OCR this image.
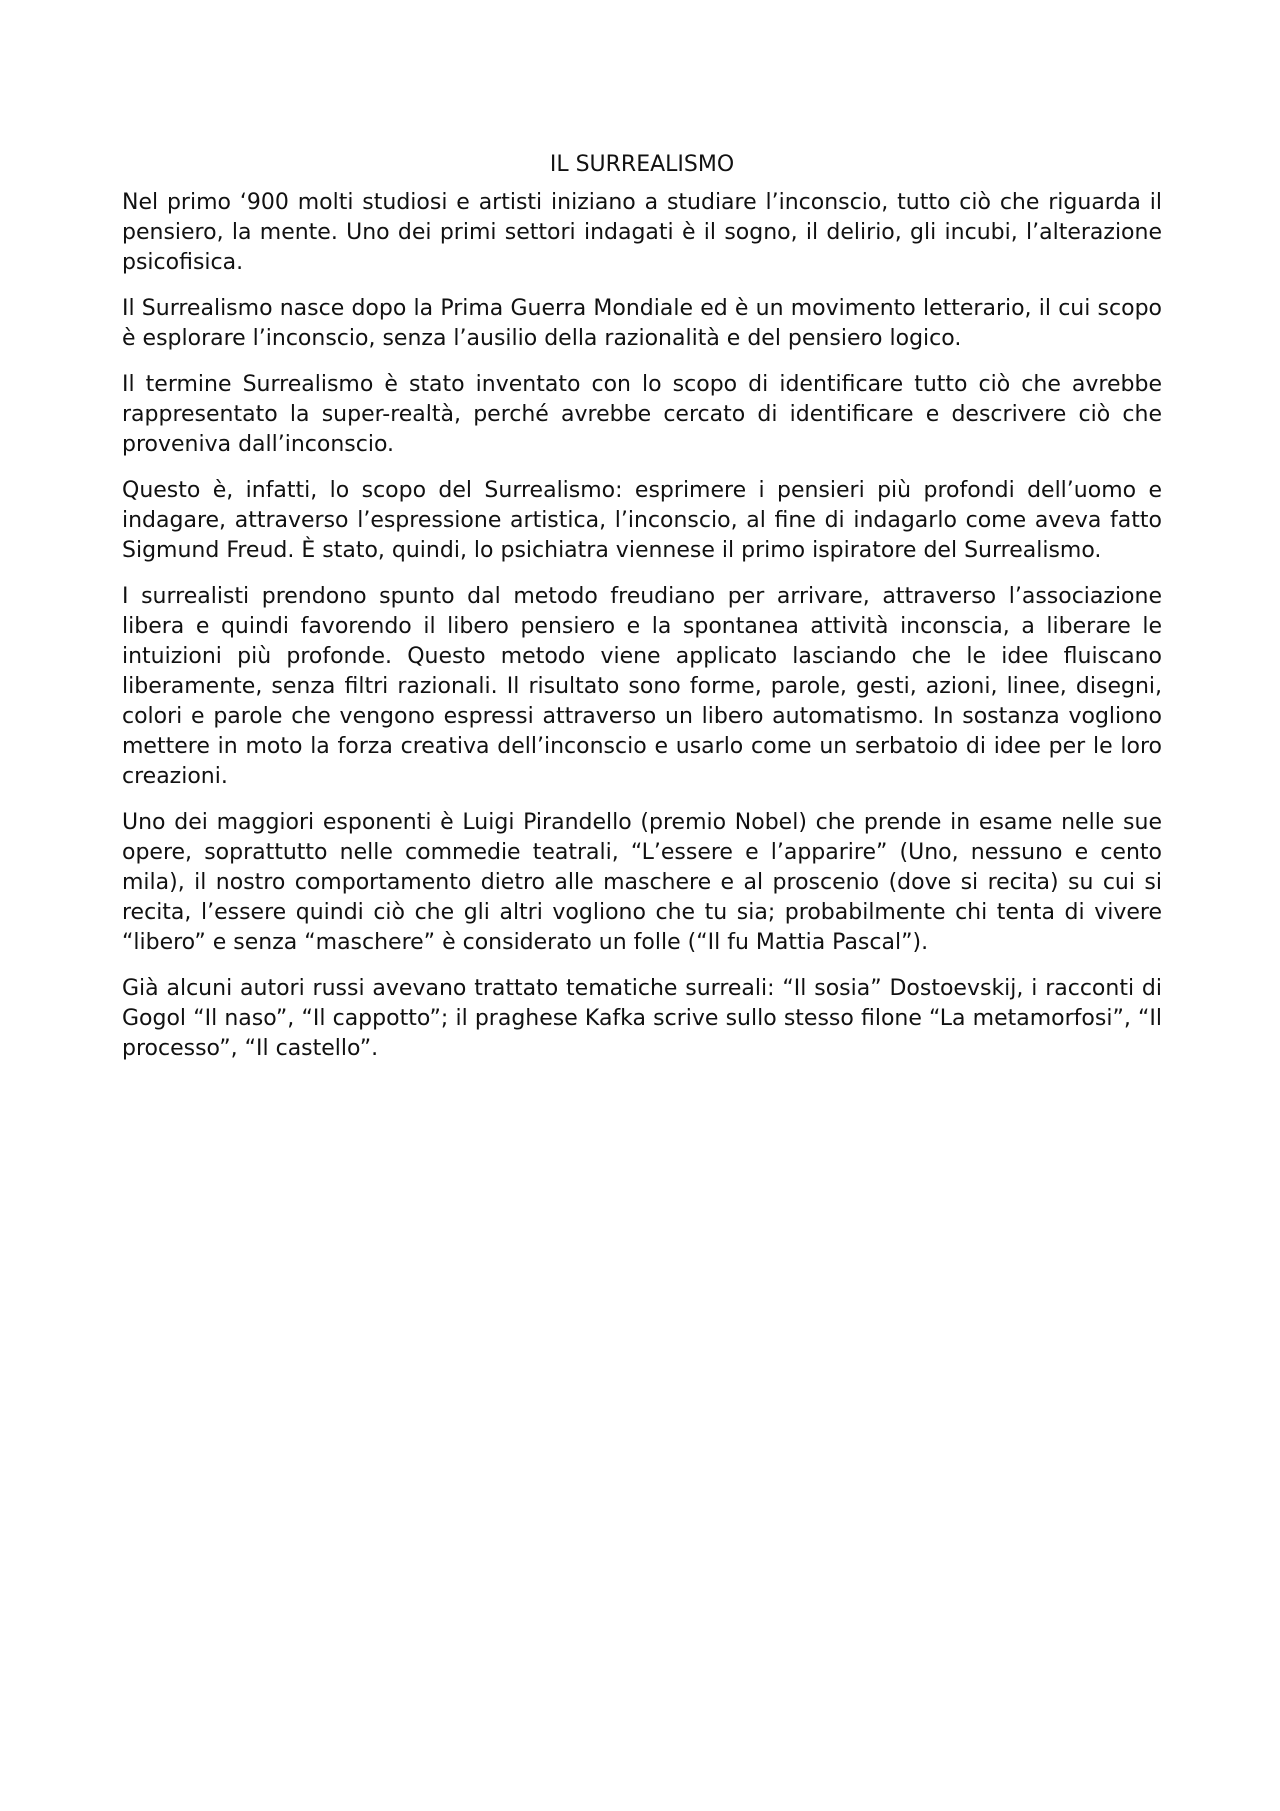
IL SURREALISMO

Nel primo ‘900 molti studiosi e artisti iniziano a studiare l’inconscio, tutto ciò che riguarda il pensiero, la mente. Uno dei primi settori indagati è il sogno, il delirio, gli incubi, l’alterazione psicofisica.

Il Surrealismo nasce dopo la Prima Guerra Mondiale ed è un movimento letterario, il cui scopo è esplorare l’inconscio, senza l’ausilio della razionalità e del pensiero logico.

Il termine Surrealismo è stato inventato con lo scopo di identificare tutto ciò che avrebbe rappresentato la super-realtà, perché avrebbe cercato di identificare e descrivere ciò che proveniva dall’inconscio.

Questo è, infatti, lo scopo del Surrealismo: esprimere i pensieri più profondi dell’uomo e indagare, attraverso l’espressione artistica, l’inconscio, al fine di indagarlo come aveva fatto Sigmund Freud. È stato, quindi, lo psichiatra viennese il primo ispiratore del Surrealismo.

I surrealisti prendono spunto dal metodo freudiano per arrivare, attraverso l’associazione libera e quindi favorendo il libero pensiero e la spontanea attività inconscia, a liberare le intuizioni più profonde. Questo metodo viene applicato lasciando che le idee fluiscano liberamente, senza filtri razionali. Il risultato sono forme, parole, gesti, azioni, linee, disegni, colori e parole che vengono espressi attraverso un libero automatismo. In sostanza vogliono mettere in moto la forza creativa dell’inconscio e usarlo come un serbatoio di idee per le loro creazioni.

Uno dei maggiori esponenti è Luigi Pirandello (premio Nobel) che prende in esame nelle sue opere, soprattutto nelle commedie teatrali, “L’essere e l’apparire” (Uno, nessuno e cento mila), il nostro comportamento dietro alle maschere e al proscenio (dove si recita) su cui si recita, l’essere quindi ciò che gli altri vogliono che tu sia; probabilmente chi tenta di vivere “libero” e senza “maschere” è considerato un folle (“Il fu Mattia Pascal”).

Già alcuni autori russi avevano trattato tematiche surreali: “Il sosia” Dostoevskij, i racconti di Gogol “Il naso”, “Il cappotto”; il praghese Kafka scrive sullo stesso filone “La metamorfosi”, “Il processo”, “Il castello”.
